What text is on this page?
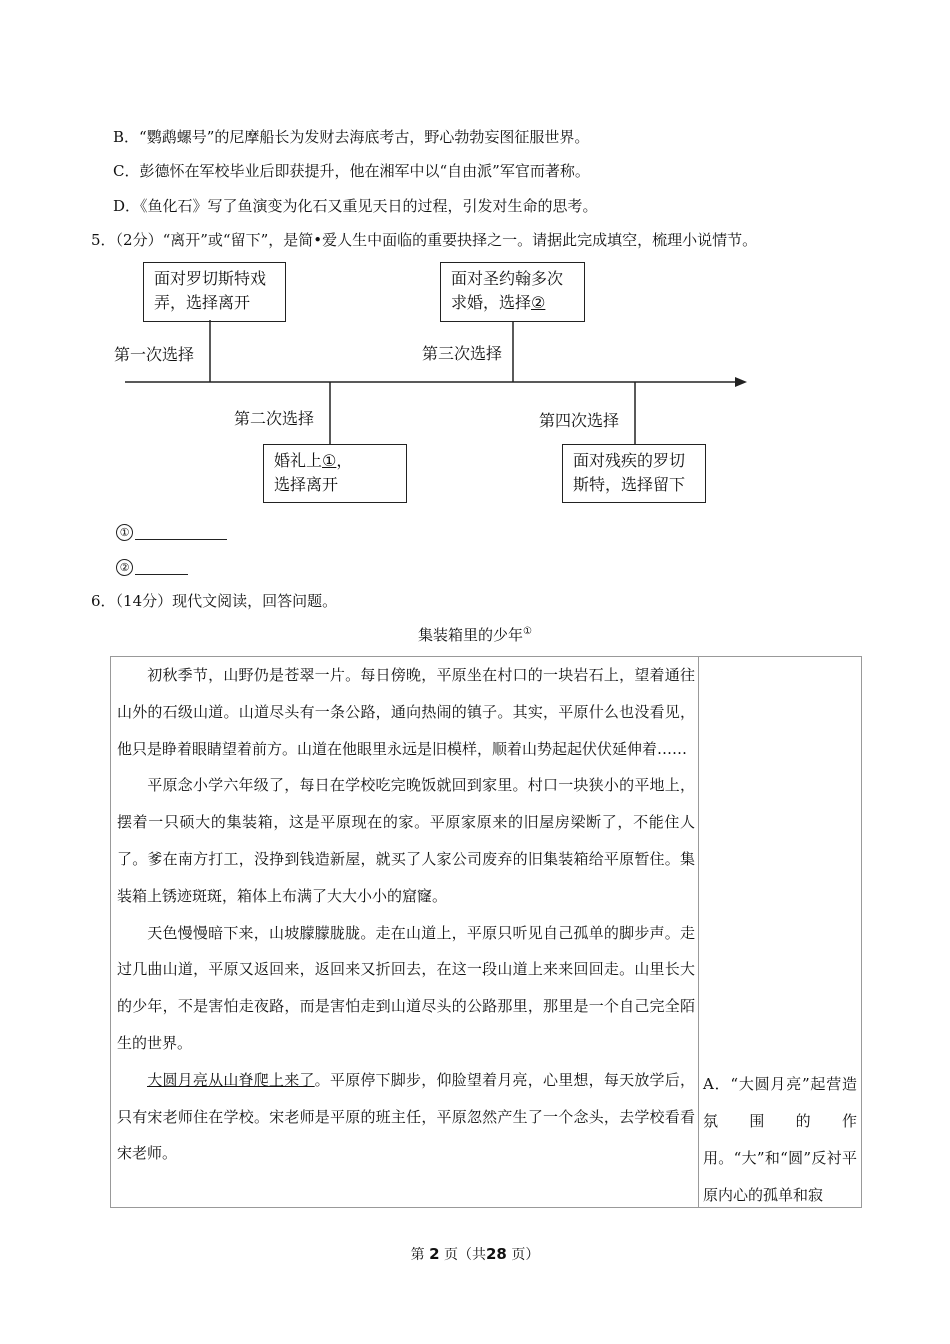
B．“鹦鹉螺号”的尼摩船长为发财去海底考古，野心勃勃妄图征服世界。
C．彭德怀在军校毕业后即获提升，他在湘军中以“自由派”军官而著称。
D．《鱼化石》写了鱼演变为化石又重见天日的过程，引发对生命的思考。
5．（2分）“离开”或“留下”，是简•爱人生中面临的重要抉择之一。请据此完成填空，梳理小说情节。
面对罗切斯特戏
弄，选择离开
第一次选择
第二次选择
婚礼上①，
选择离开
面对圣约翰多次
求婚，选择②
第三次选择
第四次选择
面对残疾的罗切
斯特，选择留下
①
②
6．（14分）现代文阅读，回答问题。
集装箱里的少年①

初秋季节，山野仍是苍翠一片。每日傍晚，平原坐在村口的一块岩石上，望着通往山外的石级山道。山道尽头有一条公路，通向热闹的镇子。其实，平原什么也没看见，他只是睁着眼睛望着前方。山道在他眼里永远是旧模样，顺着山势起起伏伏延伸着……

平原念小学六年级了，每日在学校吃完晚饭就回到家里。村口一块狭小的平地上，摆着一只硕大的集装箱，这是平原现在的家。平原家原来的旧屋房梁断了，不能住人了。爹在南方打工，没挣到钱造新屋，就买了人家公司废弃的旧集装箱给平原暂住。集装箱上锈迹斑斑，箱体上布满了大大小小的窟窿。

天色慢慢暗下来，山坡朦朦胧胧。走在山道上，平原只听见自己孤单的脚步声。走过几曲山道，平原又返回来，返回来又折回去，在这一段山道上来来回回走。山里长大的少年，不是害怕走夜路，而是害怕走到山道尽头的公路那里，那里是一个自己完全陌生的世界。

大圆月亮从山脊爬上来了。平原停下脚步，仰脸望着月亮，心里想，每天放学后，只有宋老师住在学校。宋老师是平原的班主任，平原忽然产生了一个念头，去学校看看宋老师。

A．“大圆月亮”起营造氛围的作用。“大”和“圆”反衬平原内心的孤单和寂
第 2 页（共28 页）
